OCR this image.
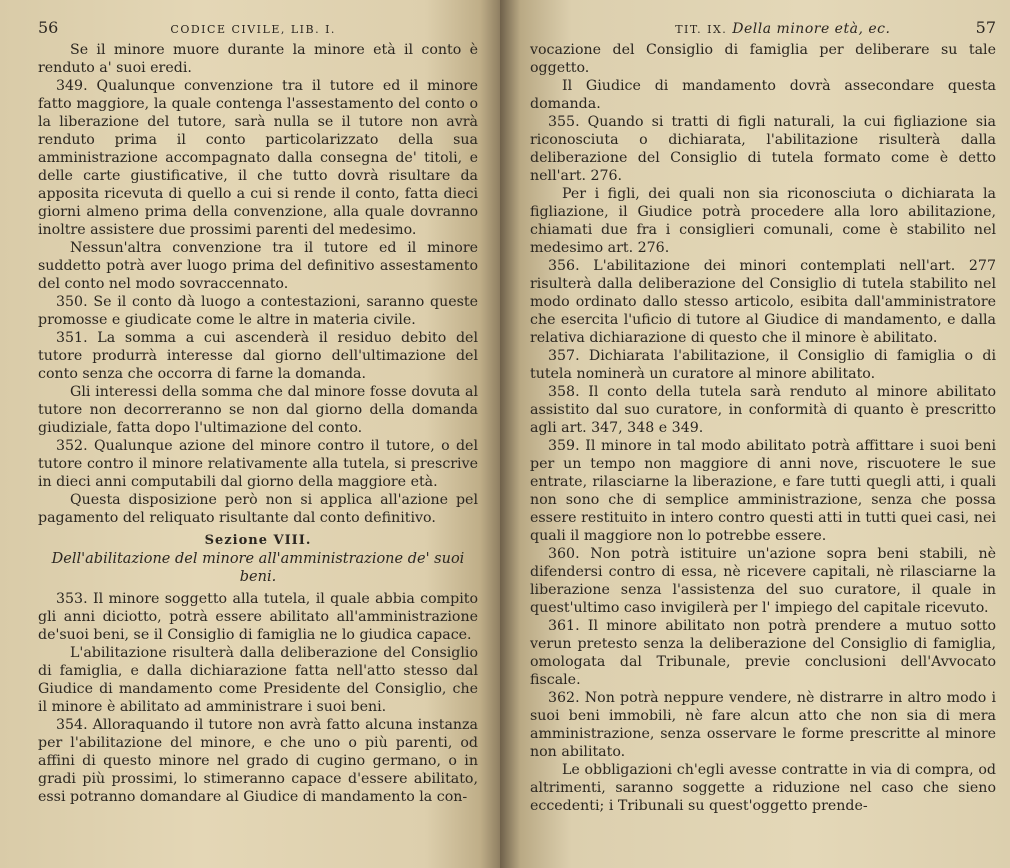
56	CODICE CIVILE, LIB. I.

Se il minore muore durante la minore età il conto è renduto a' suoi eredi.

349. Qualunque convenzione tra il tutore ed il minore fatto maggiore, la quale contenga l'assestamento del conto o la liberazione del tutore, sarà nulla se il tutore non avrà renduto prima il conto particolarizzato della sua amministrazione accompagnato dalla consegna de' titoli, e delle carte giustificative, il che tutto dovrà risultare da apposita ricevuta di quello a cui si rende il conto, fatta dieci giorni almeno prima della convenzione, alla quale dovranno inoltre assistere due prossimi parenti del medesimo.

Nessun'altra convenzione tra il tutore ed il minore suddetto potrà aver luogo prima del definitivo assestamento del conto nel modo sovraccennato.

350. Se il conto dà luogo a contestazioni, saranno queste promosse e giudicate come le altre in materia civile.

351. La somma a cui ascenderà il residuo debito del tutore produrrà interesse dal giorno dell'ultimazione del conto senza che occorra di farne la domanda.

Gli interessi della somma che dal minore fosse dovuta al tutore non decorreranno se non dal giorno della domanda giudiziale, fatta dopo l'ultimazione del conto.

352. Qualunque azione del minore contro il tutore, o del tutore contro il minore relativamente alla tutela, si prescrive in dieci anni computabili dal giorno della maggiore età.

Questa disposizione però non si applica all'azione pel pagamento del reliquato risultante dal conto definitivo.

Sezione VIII.
Dell'abilitazione del minore all'amministrazione de' suoi beni.

353. Il minore soggetto alla tutela, il quale abbia compito gli anni diciotto, potrà essere abilitato all'amministrazione de'suoi beni, se il Consiglio di famiglia ne lo giudica capace.

L'abilitazione risulterà dalla deliberazione del Consiglio di famiglia, e dalla dichiarazione fatta nell'atto stesso dal Giudice di mandamento come Presidente del Consiglio, che il minore è abilitato ad amministrare i suoi beni.

354. Alloraquando il tutore non avrà fatto alcuna instanza per l'abilitazione del minore, e che uno o più parenti, od affini di questo minore nel grado di cugino germano, o in gradi più prossimi, lo stimeranno capace d'essere abilitato, essi potranno domandare al Giudice di mandamento la con-

TIT. IX. Della minore età, ec.	57

vocazione del Consiglio di famiglia per deliberare su tale oggetto.

Il Giudice di mandamento dovrà assecondare questa domanda.

355. Quando si tratti di figli naturali, la cui figliazione sia riconosciuta o dichiarata, l'abilitazione risulterà dalla deliberazione del Consiglio di tutela formato come è detto nell'art. 276.

Per i figli, dei quali non sia riconosciuta o dichiarata la figliazione, il Giudice potrà procedere alla loro abilitazione, chiamati due fra i consiglieri comunali, come è stabilito nel medesimo art. 276.

356. L'abilitazione dei minori contemplati nell'art. 277 risulterà dalla deliberazione del Consiglio di tutela stabilito nel modo ordinato dallo stesso articolo, esibita dall'amministratore che esercita l'uficio di tutore al Giudice di mandamento, e dalla relativa dichiarazione di questo che il minore è abilitato.

357. Dichiarata l'abilitazione, il Consiglio di famiglia o di tutela nominerà un curatore al minore abilitato.

358. Il conto della tutela sarà renduto al minore abilitato assistito dal suo curatore, in conformità di quanto è prescritto agli art. 347, 348 e 349.

359. Il minore in tal modo abilitato potrà affittare i suoi beni per un tempo non maggiore di anni nove, riscuotere le sue entrate, rilasciarne la liberazione, e fare tutti quegli atti, i quali non sono che di semplice amministrazione, senza che possa essere restituito in intero contro questi atti in tutti quei casi, nei quali il maggiore non lo potrebbe essere.

360. Non potrà istituire un'azione sopra beni stabili, nè difendersi contro di essa, nè ricevere capitali, nè rilasciarne la liberazione senza l'assistenza del suo curatore, il quale in quest'ultimo caso invigilerà per l' impiego del capitale ricevuto.

361. Il minore abilitato non potrà prendere a mutuo sotto verun pretesto senza la deliberazione del Consiglio di famiglia, omologata dal Tribunale, previe conclusioni dell'Avvocato fiscale.

362. Non potrà neppure vendere, nè distrarre in altro modo i suoi beni immobili, nè fare alcun atto che non sia di mera amministrazione, senza osservare le forme prescritte al minore non abilitato.

Le obbligazioni ch'egli avesse contratte in via di compra, od altrimenti, saranno soggette a riduzione nel caso che sieno eccedenti; i Tribunali su quest'oggetto prende-
